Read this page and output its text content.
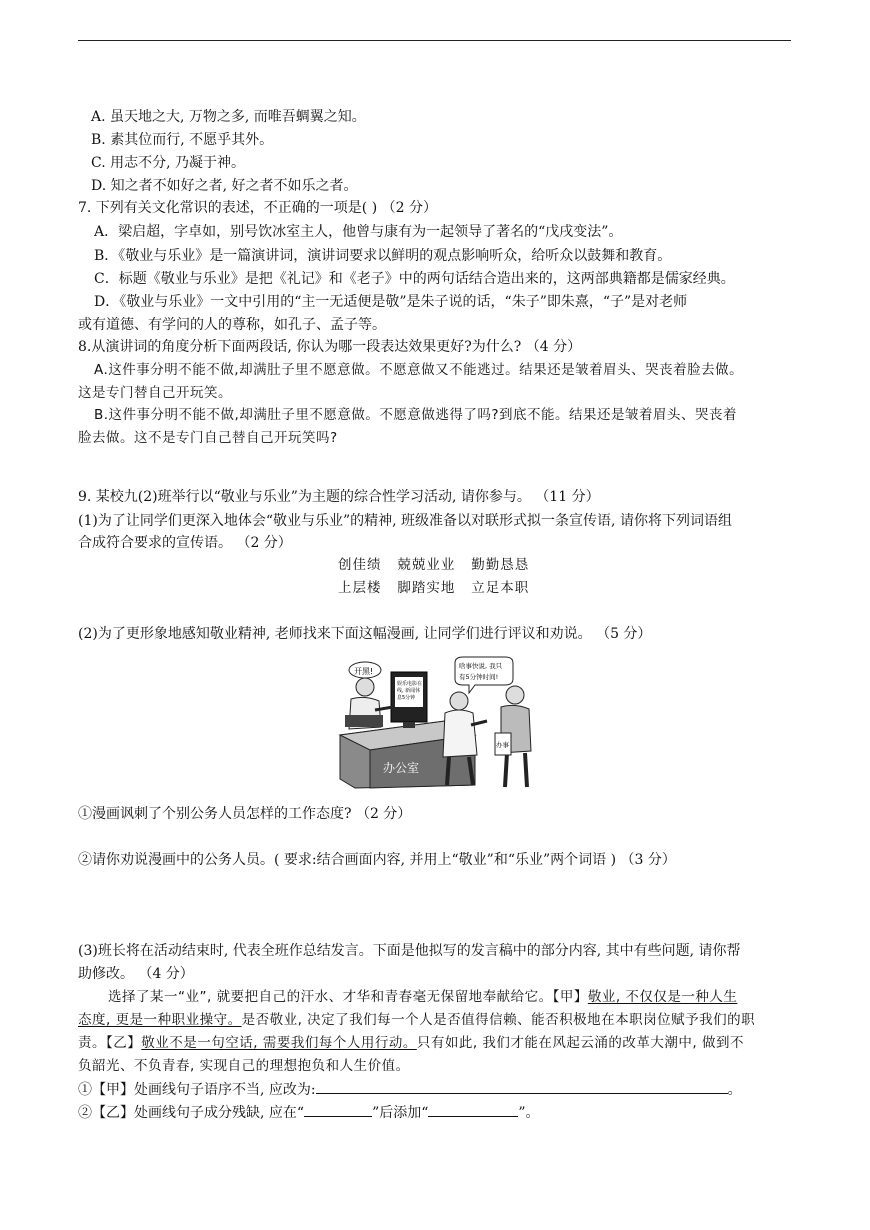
A. 虽天地之大, 万物之多, 而唯吾蜩翼之知。
B. 素其位而行, 不愿乎其外。
C. 用志不分, 乃凝于神。
D. 知之者不如好之者, 好之者不如乐之者。
7. 下列有关文化常识的表述，不正确的一项是( ) （2 分）
A．梁启超，字卓如，别号饮冰室主人，他曾与康有为一起领导了著名的“戊戌变法”。
B．《敬业与乐业》是一篇演讲词，演讲词要求以鲜明的观点影响听众，给听众以鼓舞和教育。
C．标题《敬业与乐业》是把《礼记》和《老子》中的两句话结合造出来的，这两部典籍都是儒家经典。
D．《敬业与乐业》一文中引用的“主一无适便是敬”是朱子说的话，“朱子”即朱熹，“子”是对老师
或有道德、有学问的人的尊称，如孔子、孟子等。
8.从演讲词的角度分析下面两段话, 你认为哪一段表达效果更好?为什么? （4 分）
A.这件事分明不能不做,却满肚子里不愿意做。不愿意做又不能逃过。结果还是皱着眉头、哭丧着脸去做。
这是专门替自己开玩笑。
B.这件事分明不能不做,却满肚子里不愿意做。不愿意做逃得了吗?到底不能。结果还是皱着眉头、哭丧着
脸去做。这不是专门自己替自己开玩笑吗?
9. 某校九(2)班举行以“敬业与乐业”为主题的综合性学习活动, 请你参与。 （11 分）
(1)为了让同学们更深入地体会“敬业与乐业”的精神, 班级准备以对联形式拟一条宣传语, 请你将下列词语组
合成符合要求的宣传语。 （2 分）
创佳绩   兢兢业业   勤勤恳恳
上层楼   脚踏实地   立足本职
(2)为了更形象地感知敬业精神, 老师找来下面这幅漫画, 让同学们进行评议和劝说。 （5 分）
办公室
娱乐电影在
线, 新闻休
息5分钟
开黑!
啥事快说, 我只
有5分钟时间!
办事
①漫画讽刺了个别公务人员怎样的工作态度? （2 分）
②请你劝说漫画中的公务人员。( 要求:结合画面内容, 并用上“敬业”和“乐业”两个词语 ) （3 分）
(3)班长将在活动结束时, 代表全班作总结发言。下面是他拟写的发言稿中的部分内容, 其中有些问题, 请你帮
助修改。 （4 分）
选择了某一“业”, 就要把自己的汗水、才华和青春毫无保留地奉献给它。【甲】敬业, 不仅仅是一种人生
态度, 更是一种职业操守。是否敬业, 决定了我们每一个人是否值得信赖、能否积极地在本职岗位赋予我们的职
责。【乙】敬业不是一句空话, 需要我们每个人用行动。只有如此, 我们才能在风起云涌的改革大潮中, 做到不
负韶光、不负青春, 实现自己的理想抱负和人生价值。
①【甲】处画线句子语序不当, 应改为:	。
②【乙】处画线句子成分残缺, 应在“	”后添加“	”。
